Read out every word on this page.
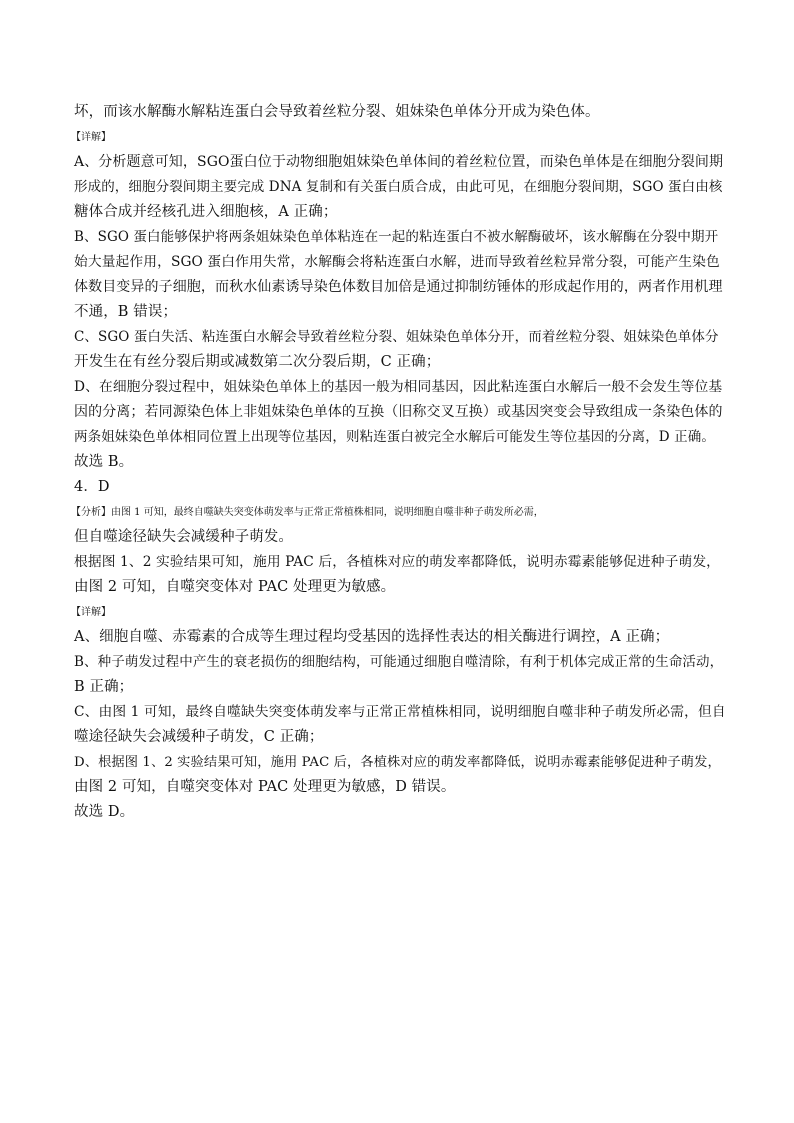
坏，而该水解酶水解粘连蛋白会导致着丝粒分裂、姐妹染色单体分开成为染色体。
【详解】
A、分析题意可知，SGO蛋白位于动物细胞姐妹染色单体间的着丝粒位置，而染色单体是在细胞分裂间期
形成的，细胞分裂间期主要完成 DNA 复制和有关蛋白质合成，由此可见，在细胞分裂间期，SGO 蛋白由核
糖体合成并经核孔进入细胞核，A 正确；
B、SGO 蛋白能够保护将两条姐妹染色单体粘连在一起的粘连蛋白不被水解酶破坏，该水解酶在分裂中期开
始大量起作用，SGO 蛋白作用失常，水解酶会将粘连蛋白水解，进而导致着丝粒异常分裂，可能产生染色
体数目变异的子细胞，而秋水仙素诱导染色体数目加倍是通过抑制纺锤体的形成起作用的，两者作用机理
不通，B 错误；
C、SGO 蛋白失活、粘连蛋白水解会导致着丝粒分裂、姐妹染色单体分开，而着丝粒分裂、姐妹染色单体分
开发生在有丝分裂后期或减数第二次分裂后期，C 正确；
D、在细胞分裂过程中，姐妹染色单体上的基因一般为相同基因，因此粘连蛋白水解后一般不会发生等位基
因的分离；若同源染色体上非姐妹染色单体的互换（旧称交叉互换）或基因突变会导致组成一条染色体的
两条姐妹染色单体相同位置上出现等位基因，则粘连蛋白被完全水解后可能发生等位基因的分离，D 正确。
故选 B。
4．D
【分析】由图 1 可知，最终自噬缺失突变体萌发率与正常正常植株相同，说明细胞自噬非种子萌发所必需，
但自噬途径缺失会减缓种子萌发。
根据图 1、2 实验结果可知，施用 PAC 后，各植株对应的萌发率都降低，说明赤霉素能够促进种子萌发，
由图 2 可知，自噬突变体对 PAC 处理更为敏感。
【详解】
A、细胞自噬、赤霉素的合成等生理过程均受基因的选择性表达的相关酶进行调控，A 正确；
B、种子萌发过程中产生的衰老损伤的细胞结构，可能通过细胞自噬清除，有利于机体完成正常的生命活动，
B 正确；
C、由图 1 可知，最终自噬缺失突变体萌发率与正常正常植株相同，说明细胞自噬非种子萌发所必需，但自
噬途径缺失会减缓种子萌发，C 正确；
D、根据图 1、2 实验结果可知，施用 PAC 后，各植株对应的萌发率都降低，说明赤霉素能够促进种子萌发，
由图 2 可知，自噬突变体对 PAC 处理更为敏感，D 错误。
故选 D。
